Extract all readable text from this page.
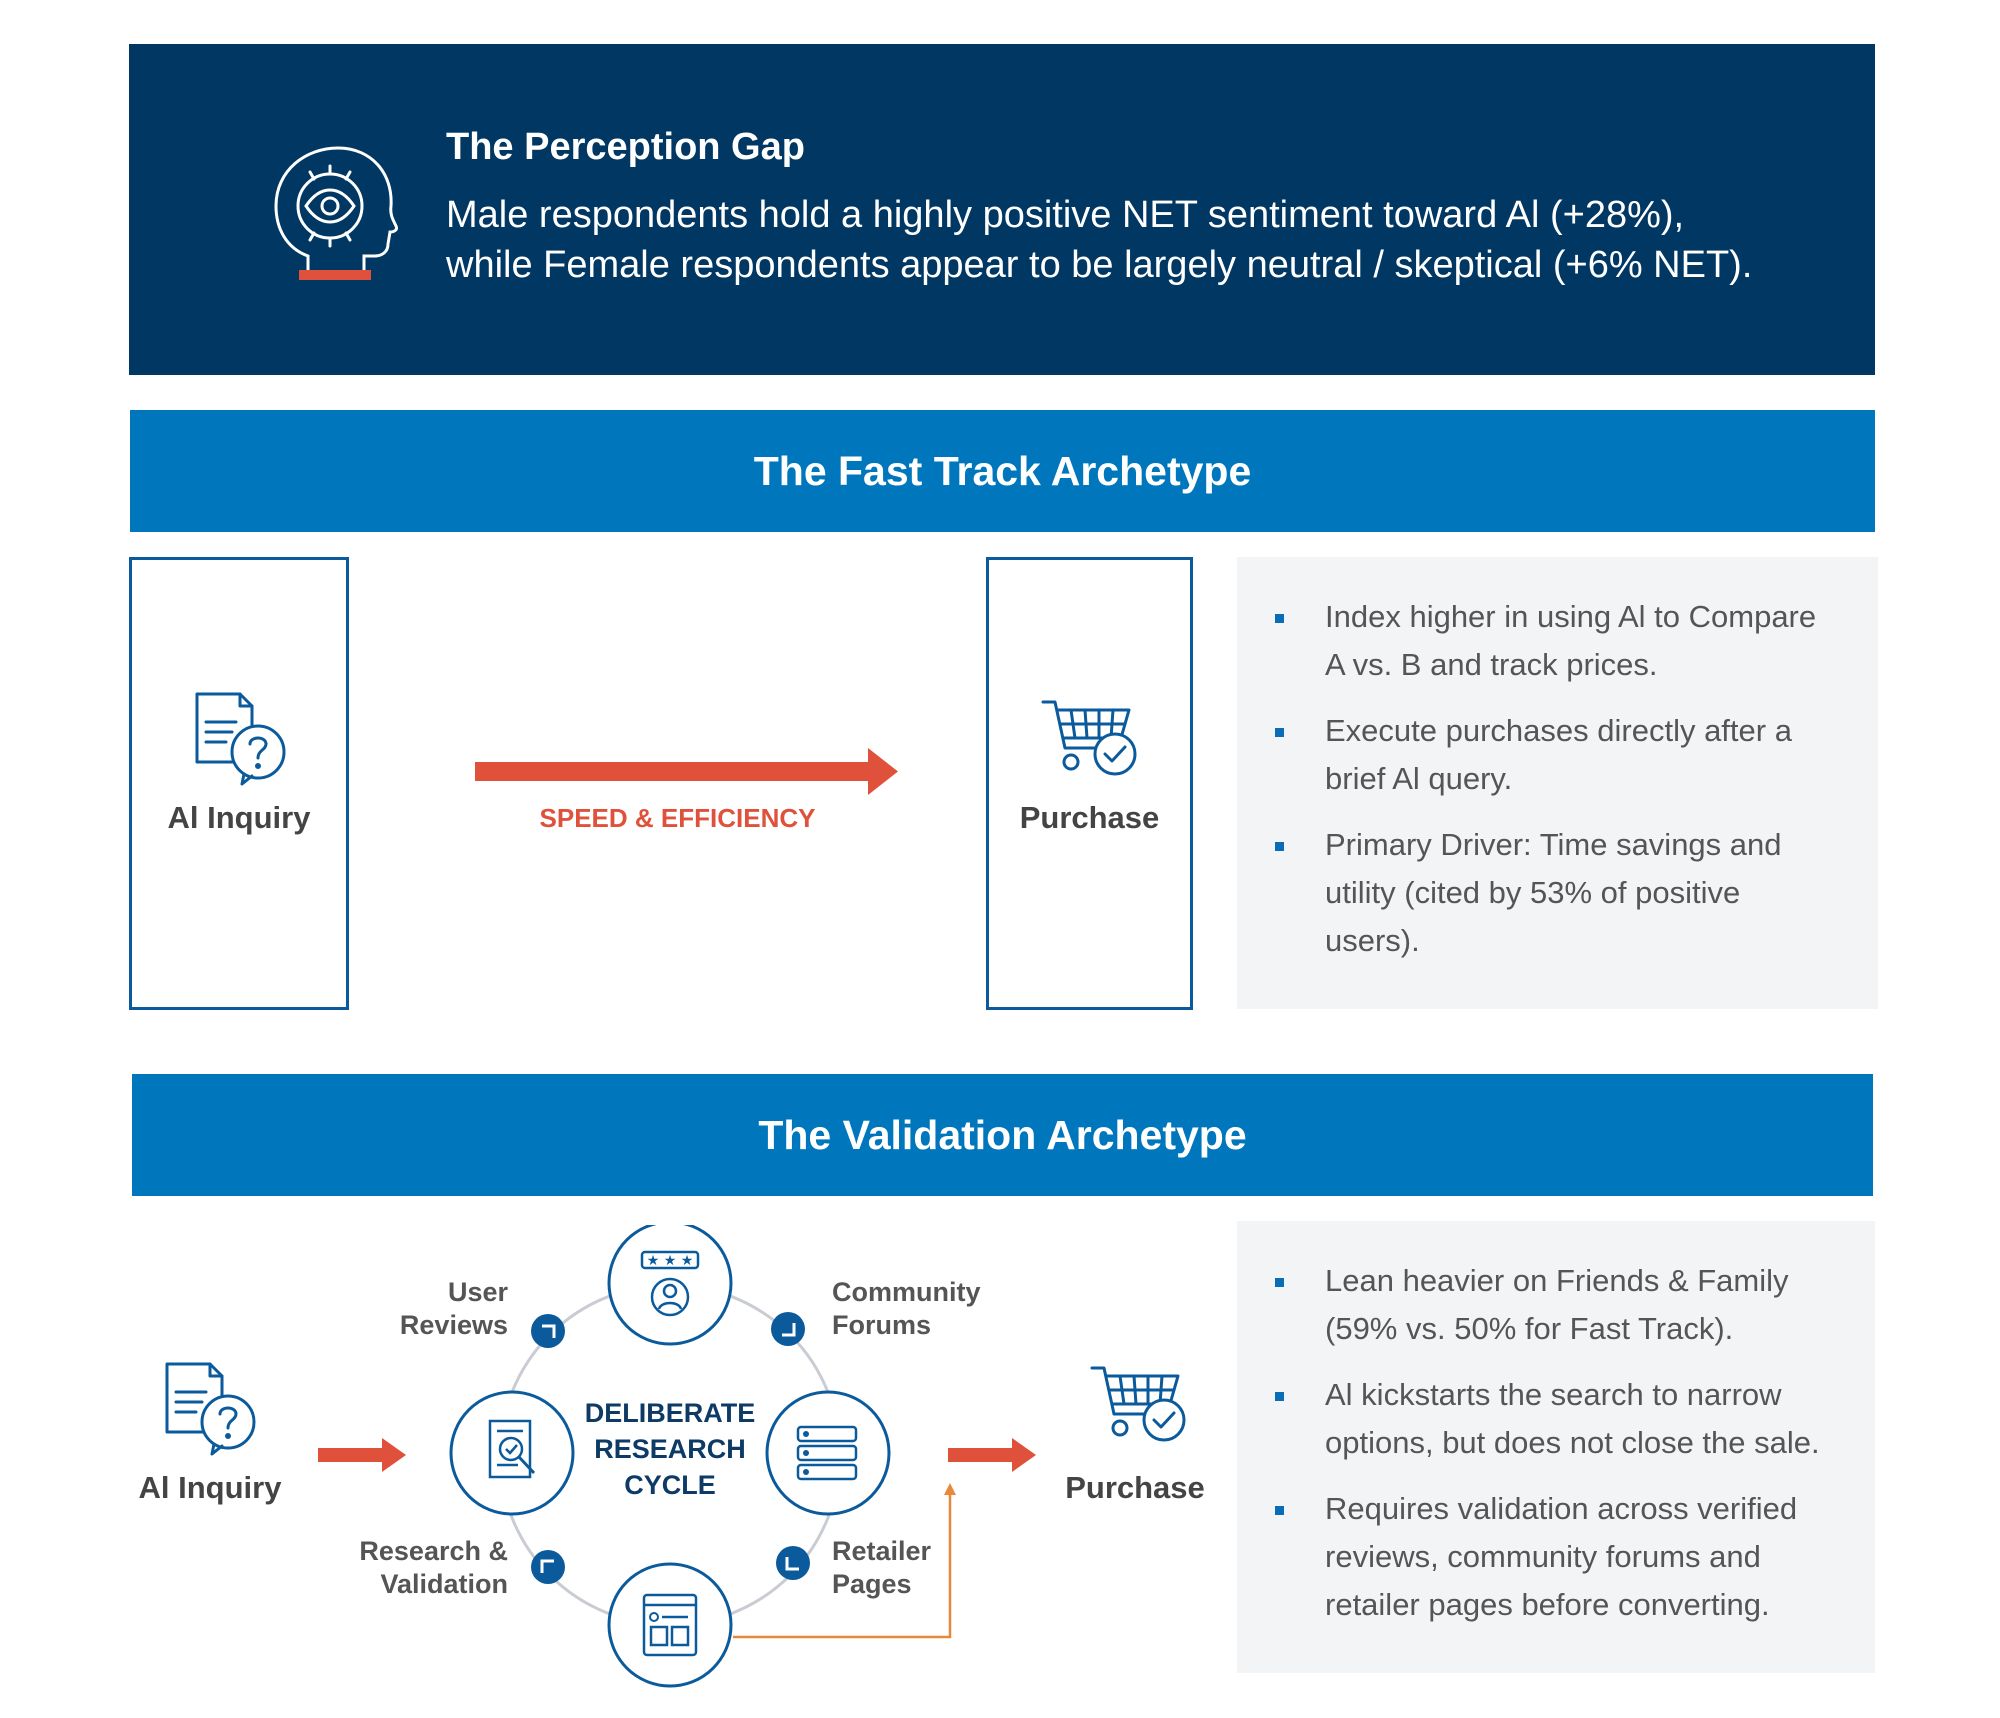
The Perception Gap
Male respondents hold a highly positive NET sentiment toward Al (+28%),
while Female respondents appear to be largely neutral / skeptical (+6% NET).
The Fast Track Archetype
Al Inquiry	SPEED & EFFICIENCY	Purchase
Index higher in using Al to Compare
A vs. B and track prices.
Execute purchases directly after a
brief Al query.
Primary Driver: Time savings and
utility (cited by 53% of positive
users).
The Validation Archetype
Al Inquiry
★ ★ ★
DELIBERATE
RESEARCH
CYCLE
User
Reviews
Community
Forums
Research &
Validation
Retailer
Pages
Purchase
Lean heavier on Friends & Family
(59% vs. 50% for Fast Track).
Al kickstarts the search to narrow
options, but does not close the sale.
Requires validation across verified
reviews, community forums and
retailer pages before converting.
